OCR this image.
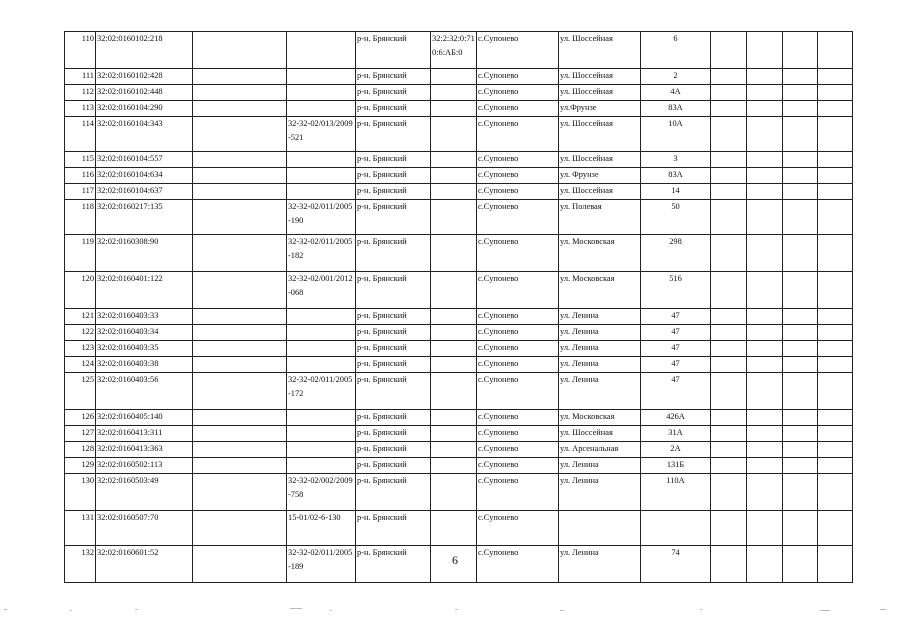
110	32:02:0160102:218			р-н. Брянский	32:2:32:0:710:6:АБ:0	с.Супонево	ул. Шоссейная	6				
111	32:02:0160102:428			р-н. Брянский		с.Супонево	ул. Шоссейная	2				
112	32:02:0160102:448			р-н. Брянский		с.Супонево	ул. Шоссейная	4А				
113	32:02:0160104:290			р-н. Брянский		с.Супонево	ул.Фрунзе	83А				
114	32:02:0160104:343		32-32-02/013/2009-521	р-н. Брянский		с.Супонево	ул. Шоссейная	10А				
115	32:02:0160104:557			р-н. Брянский		с.Супонево	ул. Шоссейная	3				
116	32:02:0160104:634			р-н. Брянский		с.Супонево	ул. Фрунзе	83А				
117	32:02:0160104:637			р-н. Брянский		с.Супонево	ул. Шоссейная	14				
118	32:02:0160217:135		32-32-02/011/2005-190	р-н. Брянский		с.Супонево	ул. Полевая	50				
119	32:02:0160308:90		32-32-02/011/2005-182	р-н. Брянский		с.Супонево	ул. Московская	298				
120	32:02:0160401:122		32-32-02/001/2012-068	р-н. Брянский		с.Супонево	ул. Московская	516				
121	32:02:0160403:33			р-н. Брянский		с.Супонево	ул. Ленина	47				
122	32:02:0160403:34			р-н. Брянский		с.Супонево	ул. Ленина	47				
123	32:02:0160403:35			р-н. Брянский		с.Супонево	ул. Ленина	47				
124	32:02:0160403:38			р-н. Брянский		с.Супонево	ул. Ленина	47				
125	32:02:0160403:56		32-32-02/011/2005-172	р-н. Брянский		с.Супонево	ул. Ленина	47				
126	32:02:0160405:140			р-н. Брянский		с.Супонево	ул. Московская	426А				
127	32:02:0160413:311			р-н. Брянский		с.Супонево	ул. Шоссейная	31А				
128	32:02:0160413:363			р-н. Брянский		с.Супонево	ул. Арсенальная	2А				
129	32:02:0160502:113			р-н. Брянский		с.Супонево	ул. Ленина	131Б				
130	32:02:0160503:49		32-32-02/002/2009-758	р-н. Брянский		с.Супонево	ул. Ленина	110А				
131	32:02:0160507:70		15-01/02-6-130	р-н. Брянский		с.Супонево						
132	32:02:0160601:52		32-32-02/011/2005-189	р-н. Брянский		с.Супонево	ул. Ленина	74				
6
